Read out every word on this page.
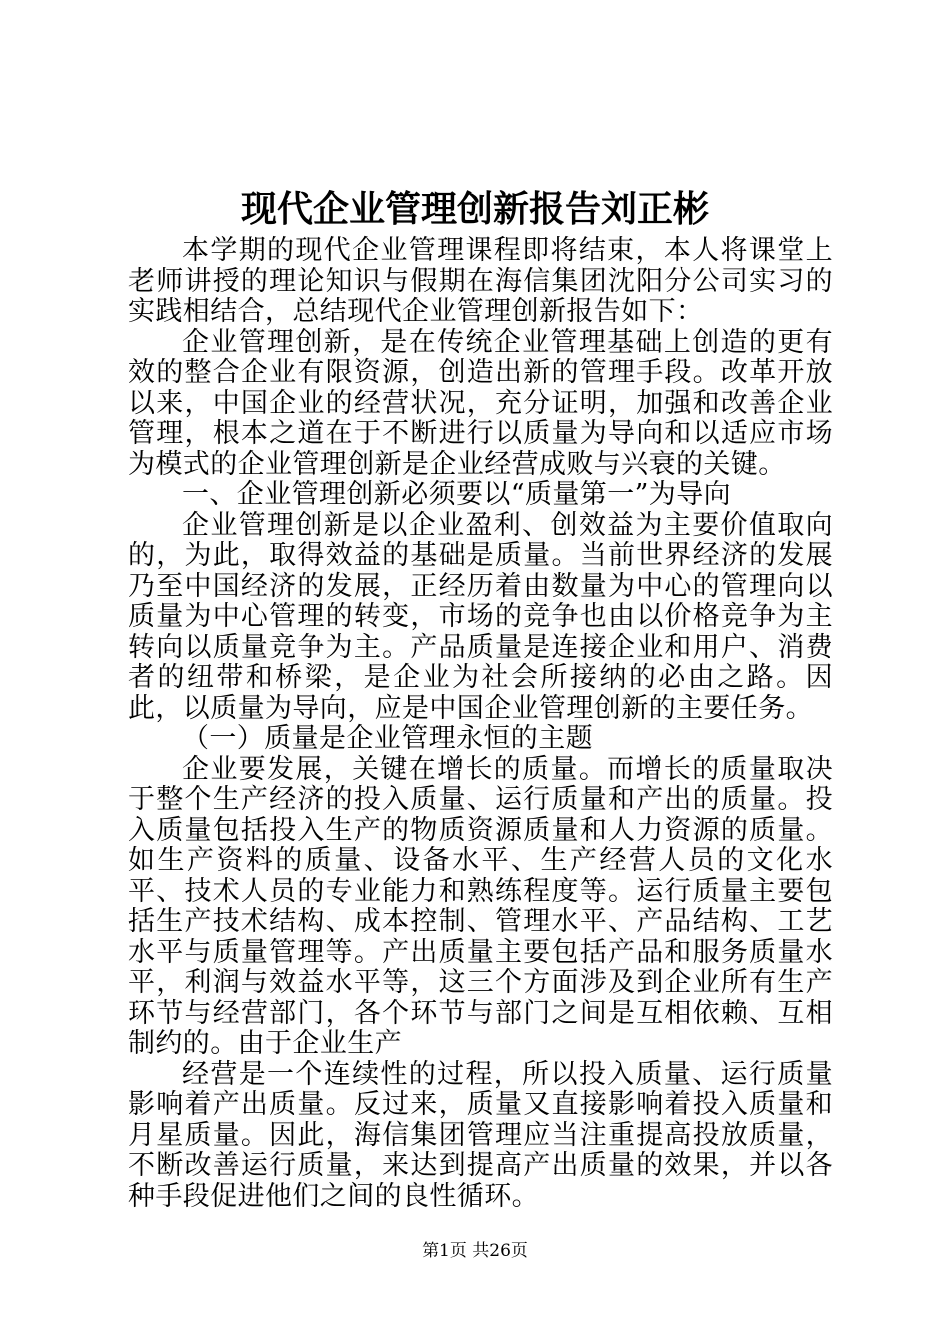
现代企业管理创新报告刘正彬

本学期的现代企业管理课程即将结束，本人将课堂上老师讲授的理论知识与假期在海信集团沈阳分公司实习的实践相结合，总结现代企业管理创新报告如下：

企业管理创新，是在传统企业管理基础上创造的更有效的整合企业有限资源，创造出新的管理手段。改革开放以来，中国企业的经营状况，充分证明，加强和改善企业管理，根本之道在于不断进行以质量为导向和以适应市场为模式的企业管理创新是企业经营成败与兴衰的关键。

一、企业管理创新必须要以“质量第一”为导向

企业管理创新是以企业盈利、创效益为主要价值取向的，为此，取得效益的基础是质量。当前世界经济的发展乃至中国经济的发展，正经历着由数量为中心的管理向以质量为中心管理的转变，市场的竞争也由以价格竞争为主转向以质量竞争为主。产品质量是连接企业和用户、消费者的纽带和桥梁，是企业为社会所接纳的必由之路。因此，以质量为导向，应是中国企业管理创新的主要任务。

（一）质量是企业管理永恒的主题

企业要发展，关键在增长的质量。而增长的质量取决于整个生产经济的投入质量、运行质量和产出的质量。投入质量包括投入生产的物质资源质量和人力资源的质量。如生产资料的质量、设备水平、生产经营人员的文化水平、技术人员的专业能力和熟练程度等。运行质量主要包括生产技术结构、成本控制、管理水平、产品结构、工艺水平与质量管理等。产出质量主要包括产品和服务质量水平，利润与效益水平等，这三个方面涉及到企业所有生产环节与经营部门，各个环节与部门之间是互相依赖、互相制约的。由于企业生产

经营是一个连续性的过程，所以投入质量、运行质量影响着产出质量。反过来，质量又直接影响着投入质量和月星质量。因此，海信集团管理应当注重提高投放质量，不断改善运行质量，来达到提高产出质量的效果，并以各种手段促进他们之间的良性循环。

第1页 共26页
